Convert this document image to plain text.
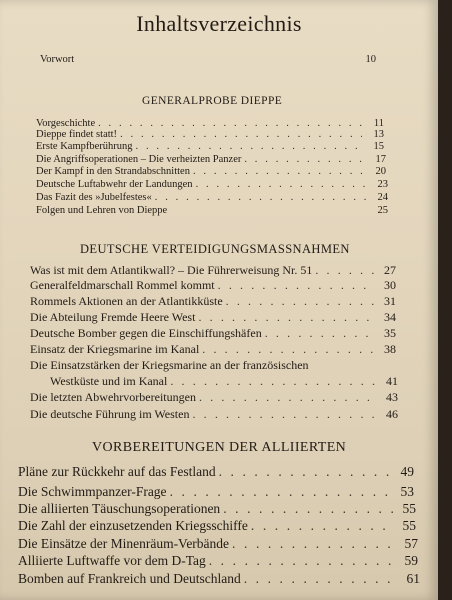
Inhaltsverzeichnis
Vorwort	10
GENERALPROBE DIEPPE
Vorgeschichte . . .	11
Dieppe findet statt! . . .	13
Erste Kampfberührung . . .	15
Die Angriffsoperationen – Die verheizten Panzer . . .	17
Der Kampf in den Strandabschnitten . . .	20
Deutsche Luftabwehr der Landungen . . .	23
Das Fazit des »Jubelfestes« . . .	24
Folgen und Lehren von Dieppe	25
DEUTSCHE VERTEIDIGUNGSMASSNAHMEN
Was ist mit dem Atlantikwall? – Die Führerweisung Nr. 51 . . .	27
Generalfeldmarschall Rommel kommt . . .	30
Rommels Aktionen an der Atlantikküste . . .	31
Die Abteilung Fremde Heere West . . .	34
Deutsche Bomber gegen die Einschiffungshäfen . . .	35
Einsatz der Kriegsmarine im Kanal . . .	38
Die Einsatzstärken der Kriegsmarine an der französischen
Westküste und im Kanal . . .	41
Die letzten Abwehrvorbereitungen . . .	43
Die deutsche Führung im Westen . . .	46
VORBEREITUNGEN DER ALLIIERTEN
Pläne zur Rückkehr auf das Festland . . .	49
Die Schwimmpanzer-Frage . . .	53
Die alliierten Täuschungsoperationen . . .	55
Die Zahl der einzusetzenden Kriegsschiffe . . .	55
Die Einsätze der Minenräum-Verbände . . .	57
Alliierte Luftwaffe vor dem D-Tag . . .	59
Bomben auf Frankreich und Deutschland . . .	61
